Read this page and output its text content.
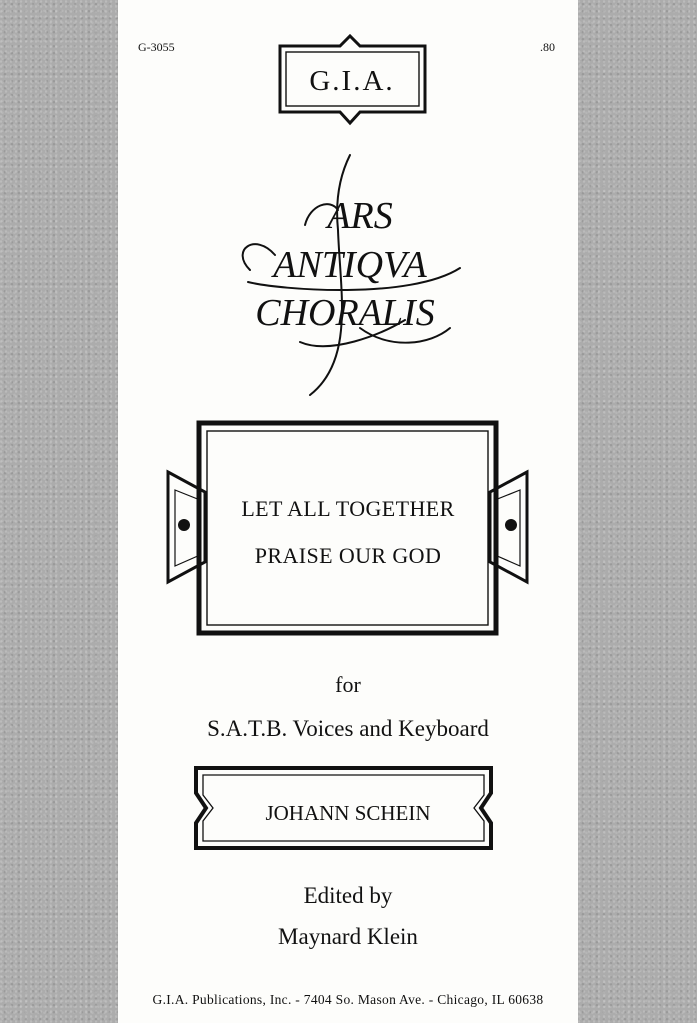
G-3055	.80
G.I.A.
ARS
ANTIQVA
CHORALIS
LET ALL TOGETHER
PRAISE OUR GOD
for
S.A.T.B. Voices and Keyboard
JOHANN SCHEIN
Edited by
Maynard Klein
G.I.A. Publications, Inc. - 7404 So. Mason Ave. - Chicago, IL 60638
